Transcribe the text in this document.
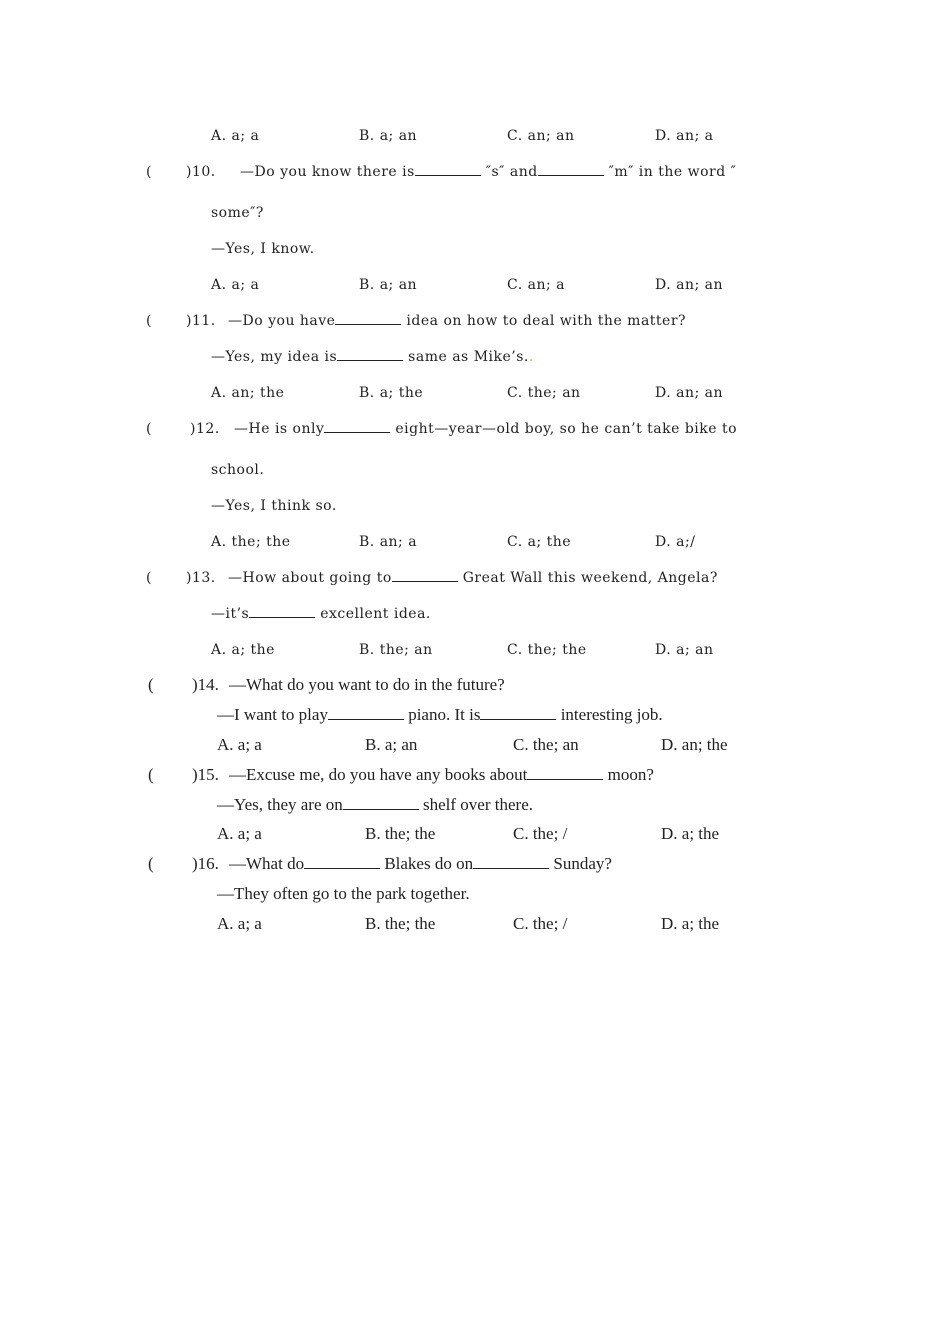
A. a; a	B. a; an	C. an; an	D. an; a
( )10. —Do you know there is	″s″ and	″m″ in the word ″
some″?
—Yes, I know.
A. a; a	B. a; an	C. an; a	D. an; an
( )11. —Do you have	idea on how to deal with the matter?
—Yes, my idea is	same as Mike’s..
A. an; the	B. a; the	C. the; an	D. an; an
(	)12. —He is only	eight—year—old boy, so he can’t take bike to
school.
—Yes, I think so.
A. the; the	B. an; a	C. a; the	D. a;/
( )13. —How about going to	Great Wall this weekend, Angela?
—it’s	excellent idea.
A. a; the	B. the; an	C. the; the	D. a; an
( )14. —What do you want to do in the future?
—I want to play	piano. It is	interesting job.
A. a; a	B. a; an	C. the; an	D. an; the
( )15. —Excuse me, do you have any books about	moon?
—Yes, they are on	shelf over there.
A. a; a	B. the; the	C. the; /	D. a; the
( )16. —What do	Blakes do on	Sunday?
—They often go to the park together.
A. a; a	B. the; the	C. the; /	D. a; the
